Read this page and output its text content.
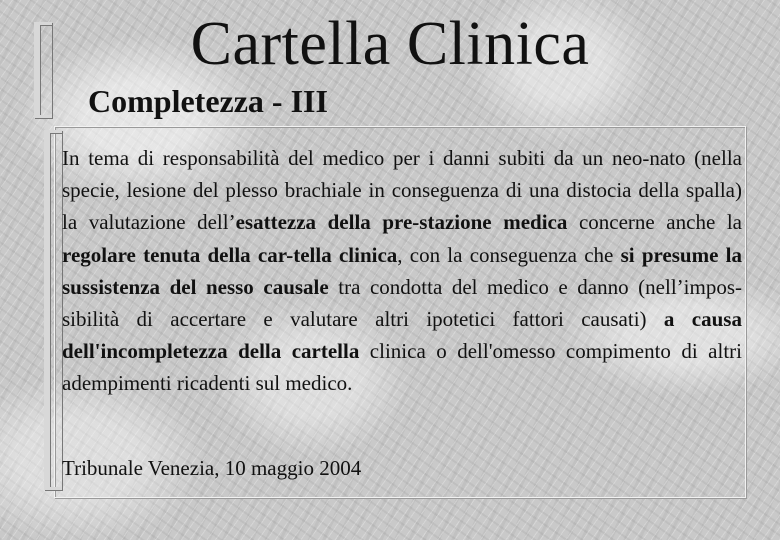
Cartella Clinica
Completezza - III

In tema di responsabilità del medico per i danni subiti da un neo-nato (nella specie, lesione del plesso brachiale in conseguenza di una distocia della spalla) la valutazione dell’esattezza della pre-stazione medica concerne anche la regolare tenuta della car-tella clinica, con la conseguenza che si presume la sussistenza del nesso causale tra condotta del medico e danno (nell’impos-sibilità di accertare e valutare altri ipotetici fattori causati) a causa dell'incompletezza della cartella clinica o dell'omesso compimento di altri adempimenti ricadenti sul medico.

Tribunale Venezia, 10 maggio 2004
